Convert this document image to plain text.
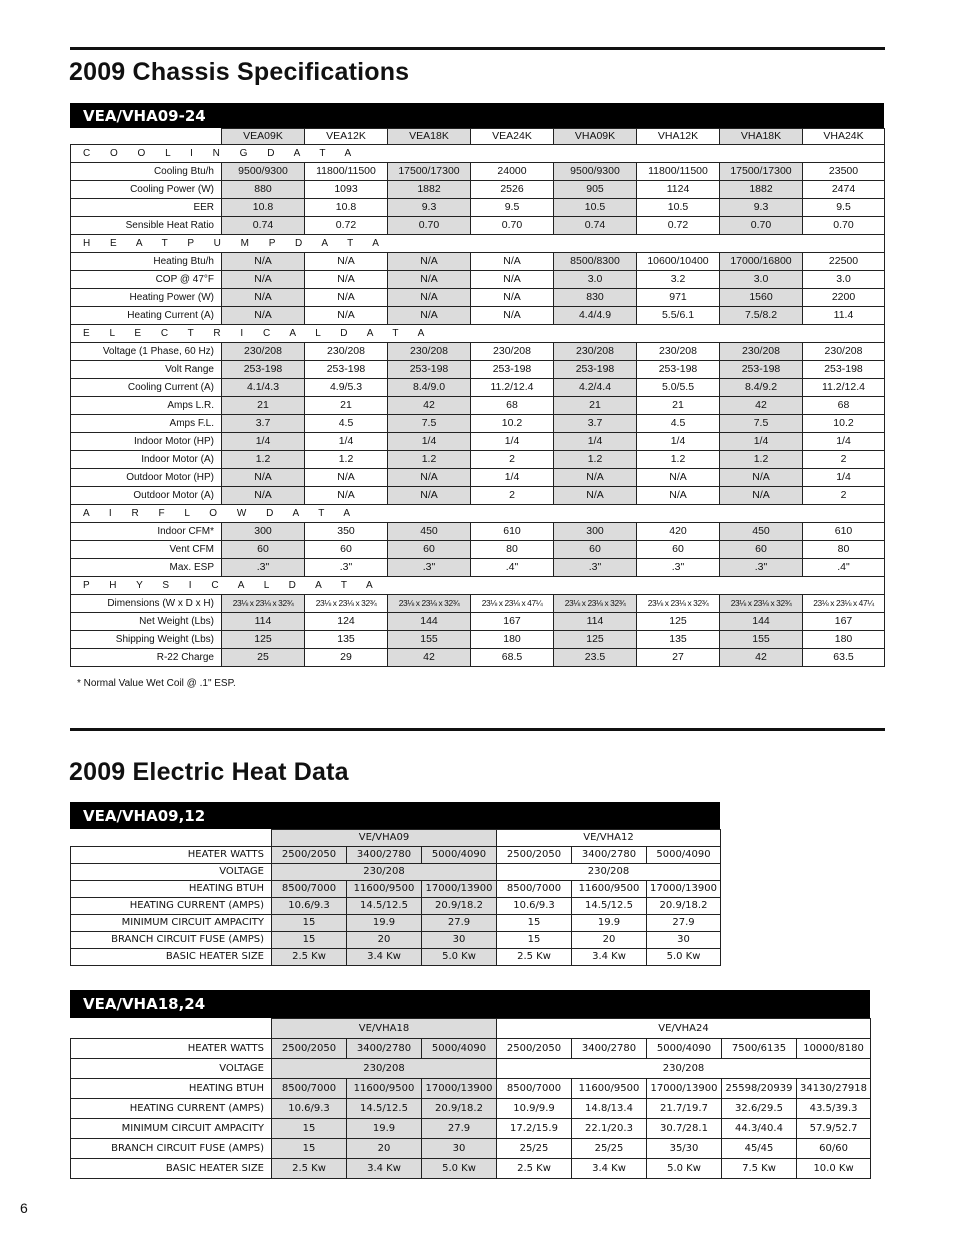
2009 Chassis Specifications
VEA/VHA09-24
	VEA09K	VEA12K	VEA18K	VEA24K	VHA09K	VHA12K	VHA18K	VHA24K
C O O L I N G D A T A								
Cooling Btu/h	9500/9300	11800/11500	17500/17300	24000	9500/9300	11800/11500	17500/17300	23500
Cooling Power (W)	880	1093	1882	2526	905	1124	1882	2474
EER	10.8	10.8	9.3	9.5	10.5	10.5	9.3	9.5
Sensible Heat Ratio	0.74	0.72	0.70	0.70	0.74	0.72	0.70	0.70
H E A T P U M P D A T A								
Heating Btu/h	N/A	N/A	N/A	N/A	8500/8300	10600/10400	17000/16800	22500
COP @ 47°F	N/A	N/A	N/A	N/A	3.0	3.2	3.0	3.0
Heating Power (W)	N/A	N/A	N/A	N/A	830	971	1560	2200
Heating Current (A)	N/A	N/A	N/A	N/A	4.4/4.9	5.5/6.1	7.5/8.2	11.4
E L E C T R I C A L D A T A								
Voltage (1 Phase, 60 Hz)	230/208	230/208	230/208	230/208	230/208	230/208	230/208	230/208
Volt Range	253-198	253-198	253-198	253-198	253-198	253-198	253-198	253-198
Cooling Current (A)	4.1/4.3	4.9/5.3	8.4/9.0	11.2/12.4	4.2/4.4	5.0/5.5	8.4/9.2	11.2/12.4
Amps L.R.	21	21	42	68	21	21	42	68
Amps F.L.	3.7	4.5	7.5	10.2	3.7	4.5	7.5	10.2
Indoor Motor (HP)	1/4	1/4	1/4	1/4	1/4	1/4	1/4	1/4
Indoor Motor (A)	1.2	1.2	1.2	2	1.2	1.2	1.2	2
Outdoor Motor (HP)	N/A	N/A	N/A	1/4	N/A	N/A	N/A	1/4
Outdoor Motor (A)	N/A	N/A	N/A	2	N/A	N/A	N/A	2
A I R F L O W D A T A								
Indoor CFM*	300	350	450	610	300	420	450	610
Vent CFM	60	60	60	80	60	60	60	80
Max. ESP	.3"	.3"	.3"	.4"	.3"	.3"	.3"	.4"
P H Y S I C A L D A T A								
Dimensions (W x D x H)	23⅛ x 23⅛ x 32¾	23⅛ x 23⅛ x 32¾	23⅛ x 23⅛ x 32¾	23⅛ x 23⅛ x 47¼	23⅛ x 23⅛ x 32¾	23⅛ x 23⅛ x 32¾	23⅛ x 23⅛ x 32¾	23⅛ x 23⅛ x 47¼
Net Weight (Lbs)	114	124	144	167	114	125	144	167
Shipping Weight (Lbs)	125	135	155	180	125	135	155	180
R-22 Charge	25	29	42	68.5	23.5	27	42	63.5
* Normal Value Wet Coil @ .1" ESP.
2009 Electric Heat Data
VEA/VHA09,12
	VE/VHA09			VE/VHA12		
HEATER WATTS	2500/2050	3400/2780	5000/4090	2500/2050	3400/2780	5000/4090
VOLTAGE	230/208			230/208		
HEATING BTUH	8500/7000	11600/9500	17000/13900	8500/7000	11600/9500	17000/13900
HEATING CURRENT (AMPS)	10.6/9.3	14.5/12.5	20.9/18.2	10.6/9.3	14.5/12.5	20.9/18.2
MINIMUM CIRCUIT AMPACITY	15	19.9	27.9	15	19.9	27.9
BRANCH CIRCUIT FUSE (AMPS)	15	20	30	15	20	30
BASIC HEATER SIZE	2.5 Kw	3.4 Kw	5.0 Kw	2.5 Kw	3.4 Kw	5.0 Kw
VEA/VHA18,24
	VE/VHA18			VE/VHA24				
HEATER WATTS	2500/2050	3400/2780	5000/4090	2500/2050	3400/2780	5000/4090	7500/6135	10000/8180
VOLTAGE	230/208			230/208				
HEATING BTUH	8500/7000	11600/9500	17000/13900	8500/7000	11600/9500	17000/13900	25598/20939	34130/27918
HEATING CURRENT (AMPS)	10.6/9.3	14.5/12.5	20.9/18.2	10.9/9.9	14.8/13.4	21.7/19.7	32.6/29.5	43.5/39.3
MINIMUM CIRCUIT AMPACITY	15	19.9	27.9	17.2/15.9	22.1/20.3	30.7/28.1	44.3/40.4	57.9/52.7
BRANCH CIRCUIT FUSE (AMPS)	15	20	30	25/25	25/25	35/30	45/45	60/60
BASIC HEATER SIZE	2.5 Kw	3.4 Kw	5.0 Kw	2.5 Kw	3.4 Kw	5.0 Kw	7.5 Kw	10.0 Kw
6
